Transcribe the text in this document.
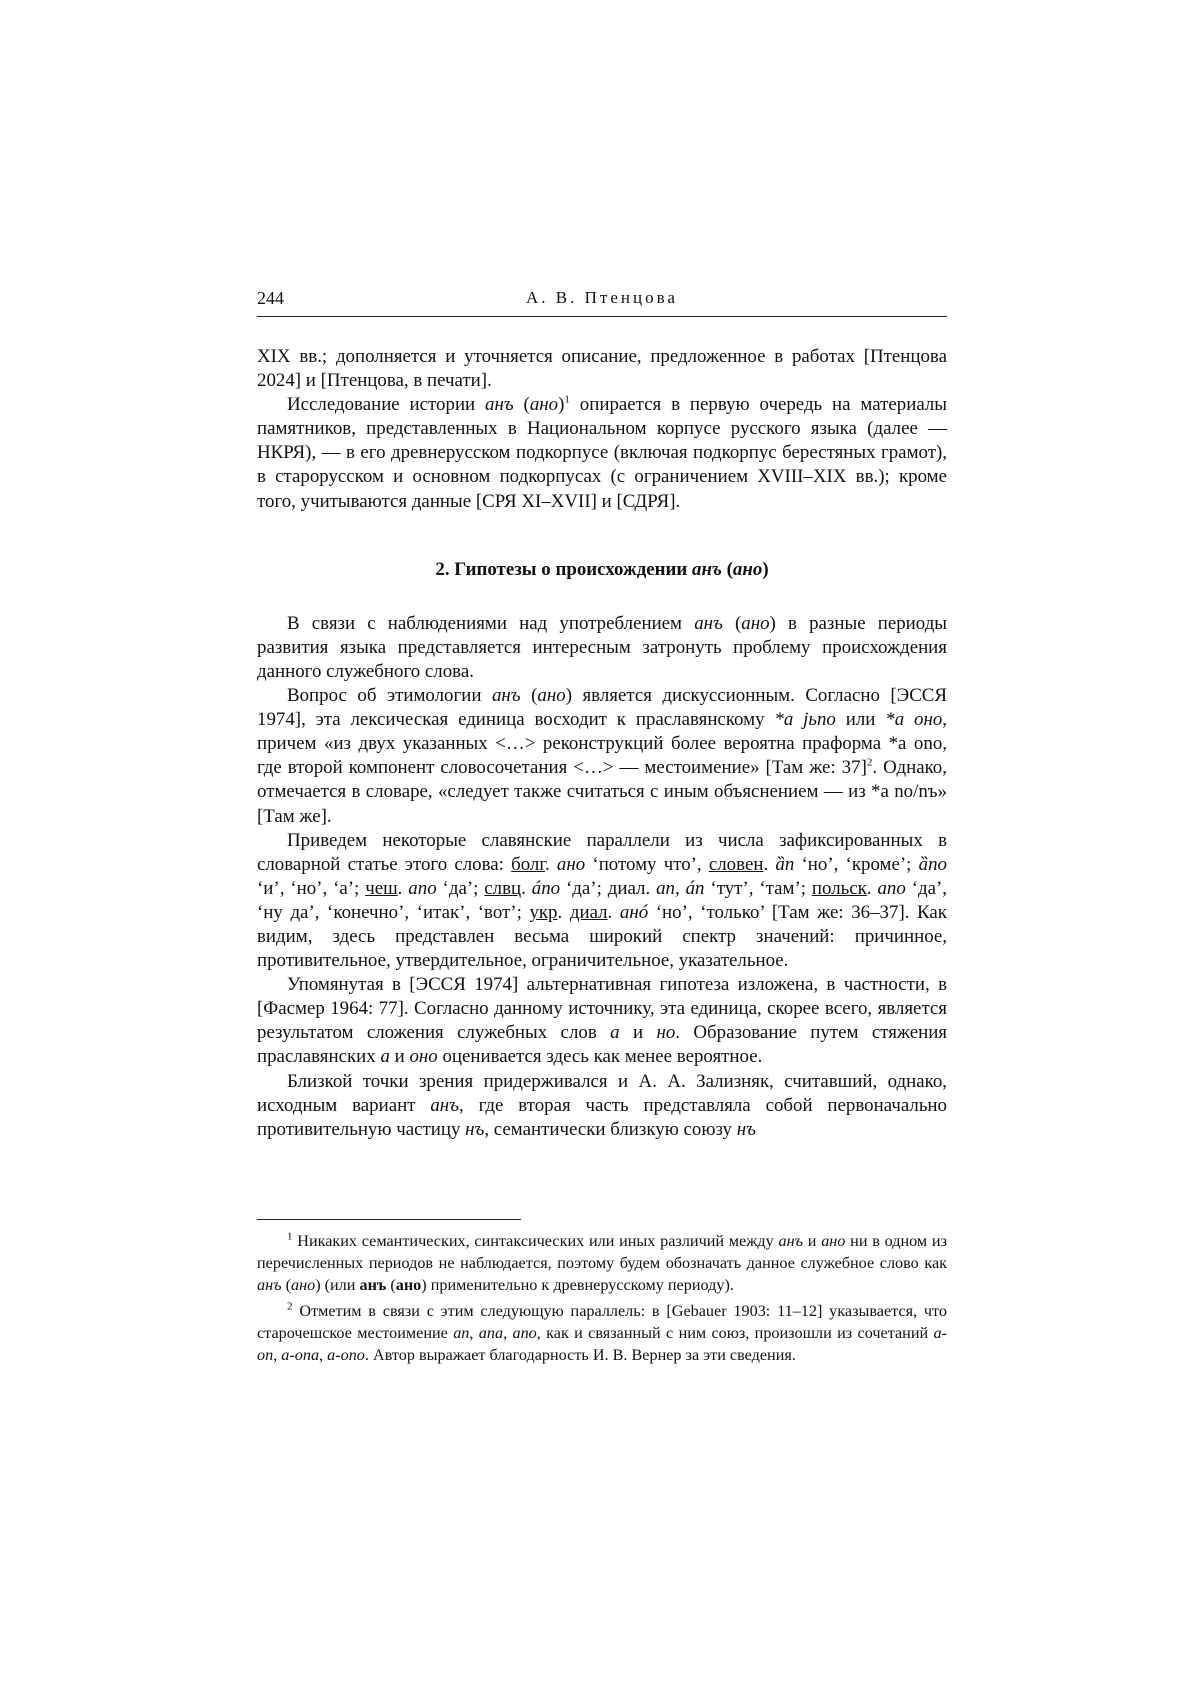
244	А. В. Птенцова

XIX вв.; дополняется и уточняется описание, предложенное в работах [Птенцова 2024] и [Птенцова, в печати].

Исследование истории анъ (ано)$^1$ опирается в первую очередь на материалы памятников, представленных в Национальном корпусе русского языка (далее — НКРЯ), — в его древнерусском подкорпусе (включая подкорпус берестяных грамот), в старорусском и основном подкорпусах (с ограничением XVIII–XIX вв.); кроме того, учитываются данные [СРЯ XI–XVII] и [СДРЯ].

2. Гипотезы о происхождении анъ (ано)

В связи с наблюдениями над употреблением анъ (ано) в разные периоды развития языка представляется интересным затронуть проблему происхождения данного служебного слова.

Вопрос об этимологии анъ (ано) является дискуссионным. Согласно [ЭССЯ 1974], эта лексическая единица восходит к праславянскому *a jьno или *a оно, причем «из двух указанных <…> реконструкций более вероятна праформа *a ono, где второй компонент словосочетания <…> — местоимение» [Там же: 37]$^2$. Однако, отмечается в словаре, «следует также считаться с иным объяснением — из *a no/nъ» [Там же].

Приведем некоторые славянские параллели из числа зафиксированных в словарной статье этого слова: болг. ано ‘потому что’, словен. ȁn ‘но’, ‘кроме’; ȁno ‘и’, ‘но’, ‘а’; чеш. ano ‘да’; слвц. áno ‘да’; диал. an, án ‘тут’, ‘там’; польск. ano ‘да’, ‘ну да’, ‘конечно’, ‘итак’, ‘вот’; укр. диал. анó ‘но’, ‘только’ [Там же: 36–37]. Как видим, здесь представлен весьма широкий спектр значений: причинное, противительное, утвердительное, ограничительное, указательное.

Упомянутая в [ЭССЯ 1974] альтернативная гипотеза изложена, в частности, в [Фасмер 1964: 77]. Согласно данному источнику, эта единица, скорее всего, является результатом сложения служебных слов а и но. Образование путем стяжения праславянских а и оно оценивается здесь как менее вероятное.

Близкой точки зрения придерживался и А. А. Зализняк, считавший, однако, исходным вариант анъ, где вторая часть представляла собой первоначально противительную частицу нъ, семантически близкую союзу нъ

$^1$ Никаких семантических, синтаксических или иных различий между анъ и ано ни в одном из перечисленных периодов не наблюдается, поэтому будем обозначать данное служебное слово как анъ (ано) (или анъ (ано) применительно к древнерусскому периоду).

$^2$ Отметим в связи с этим следующую параллель: в [Gebauer 1903: 11–12] указывается, что старочешское местоимение an, ana, ano, как и связанный с ним союз, произошли из сочетаний a-on, a-ona, a-ono. Автор выражает благодарность И. В. Вернер за эти сведения.
